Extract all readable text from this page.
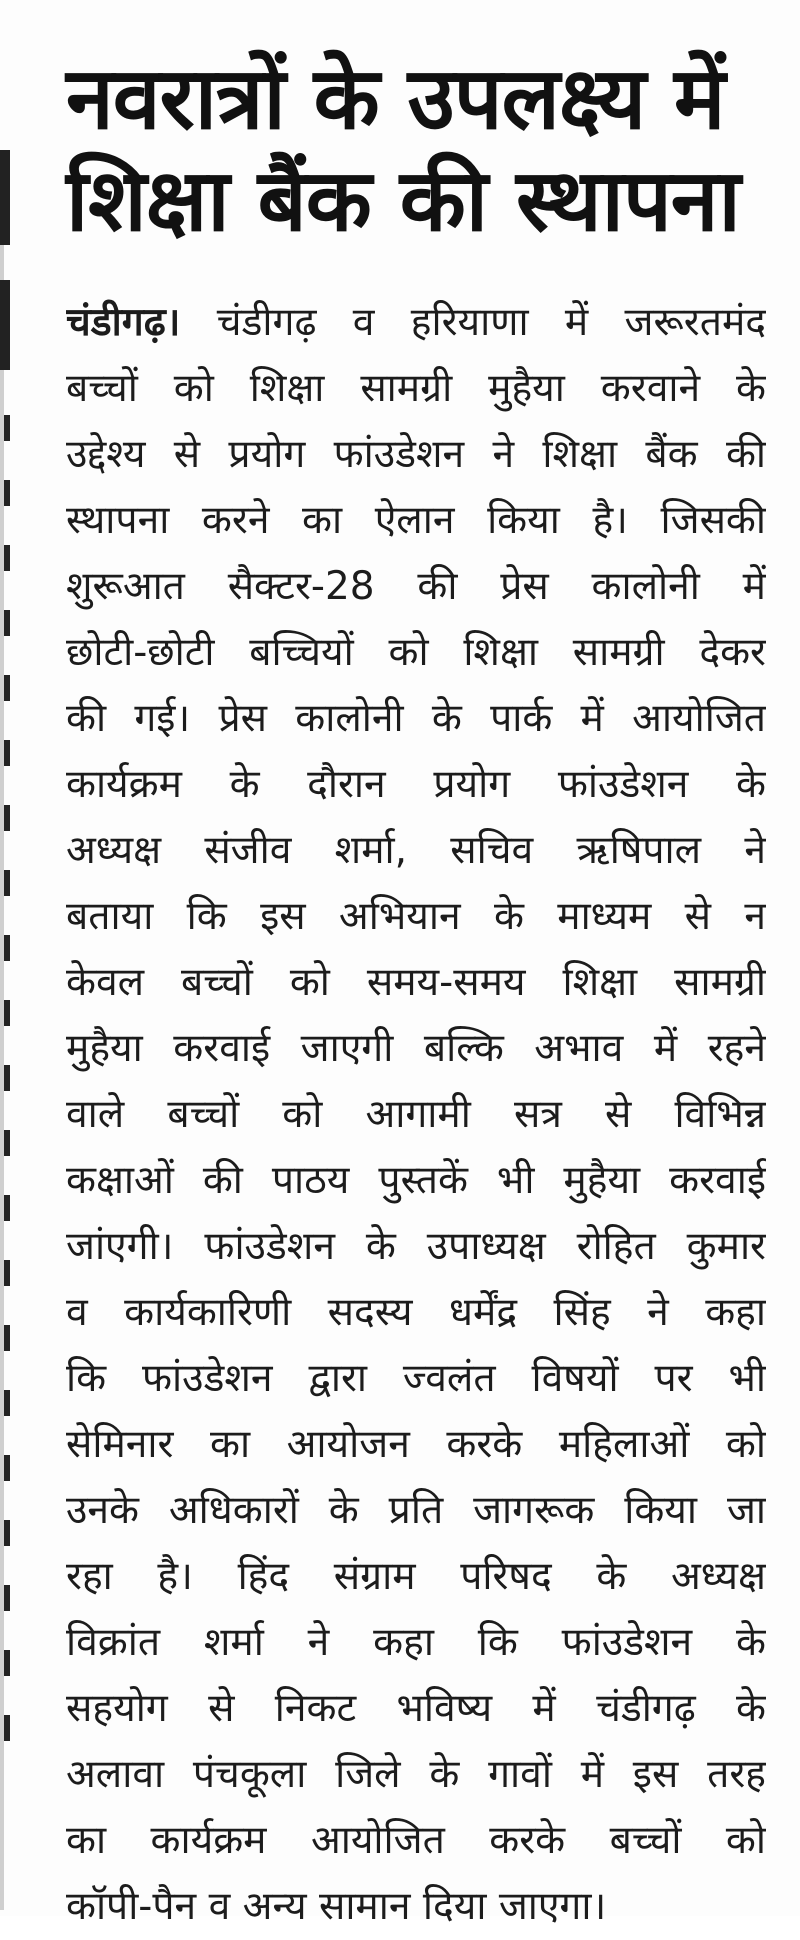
नवरात्रों के उपलक्ष्य में
शिक्षा बैंक की स्थापना
चंडीगढ़। चंडीगढ़ व हरियाणा में जरूरतमंद
बच्चों को शिक्षा सामग्री मुहैया करवाने के
उद्देश्य से प्रयोग फांउडेशन ने शिक्षा बैंक की
स्थापना करने का ऐलान किया है। जिसकी
शुरूआत सैक्टर-28 की प्रेस कालोनी में
छोटी-छोटी बच्चियों को शिक्षा सामग्री देकर
की गई। प्रेस कालोनी के पार्क में आयोजित
कार्यक्रम के दौरान प्रयोग फांउडेशन के
अध्यक्ष संजीव शर्मा, सचिव ऋषिपाल ने
बताया कि इस अभियान के माध्यम से न
केवल बच्चों को समय-समय शिक्षा सामग्री
मुहैया करवाई जाएगी बल्कि अभाव में रहने
वाले बच्चों को आगामी सत्र से विभिन्न
कक्षाओं की पाठय पुस्तकें भी मुहैया करवाई
जांएगी। फांउडेशन के उपाध्यक्ष रोहित कुमार
व कार्यकारिणी सदस्य धर्मेंद्र सिंह ने कहा
कि फांउडेशन द्वारा ज्वलंत विषयों पर भी
सेमिनार का आयोजन करके महिलाओं को
उनके अधिकारों के प्रति जागरूक किया जा
रहा है। हिंद संग्राम परिषद के अध्यक्ष
विक्रांत शर्मा ने कहा कि फांउडेशन के
सहयोग से निकट भविष्य में चंडीगढ़ के
अलावा पंचकूला जिले के गावों में इस तरह
का कार्यक्रम आयोजित करके बच्चों को
कॉपी-पैन व अन्य सामान दिया जाएगा।
